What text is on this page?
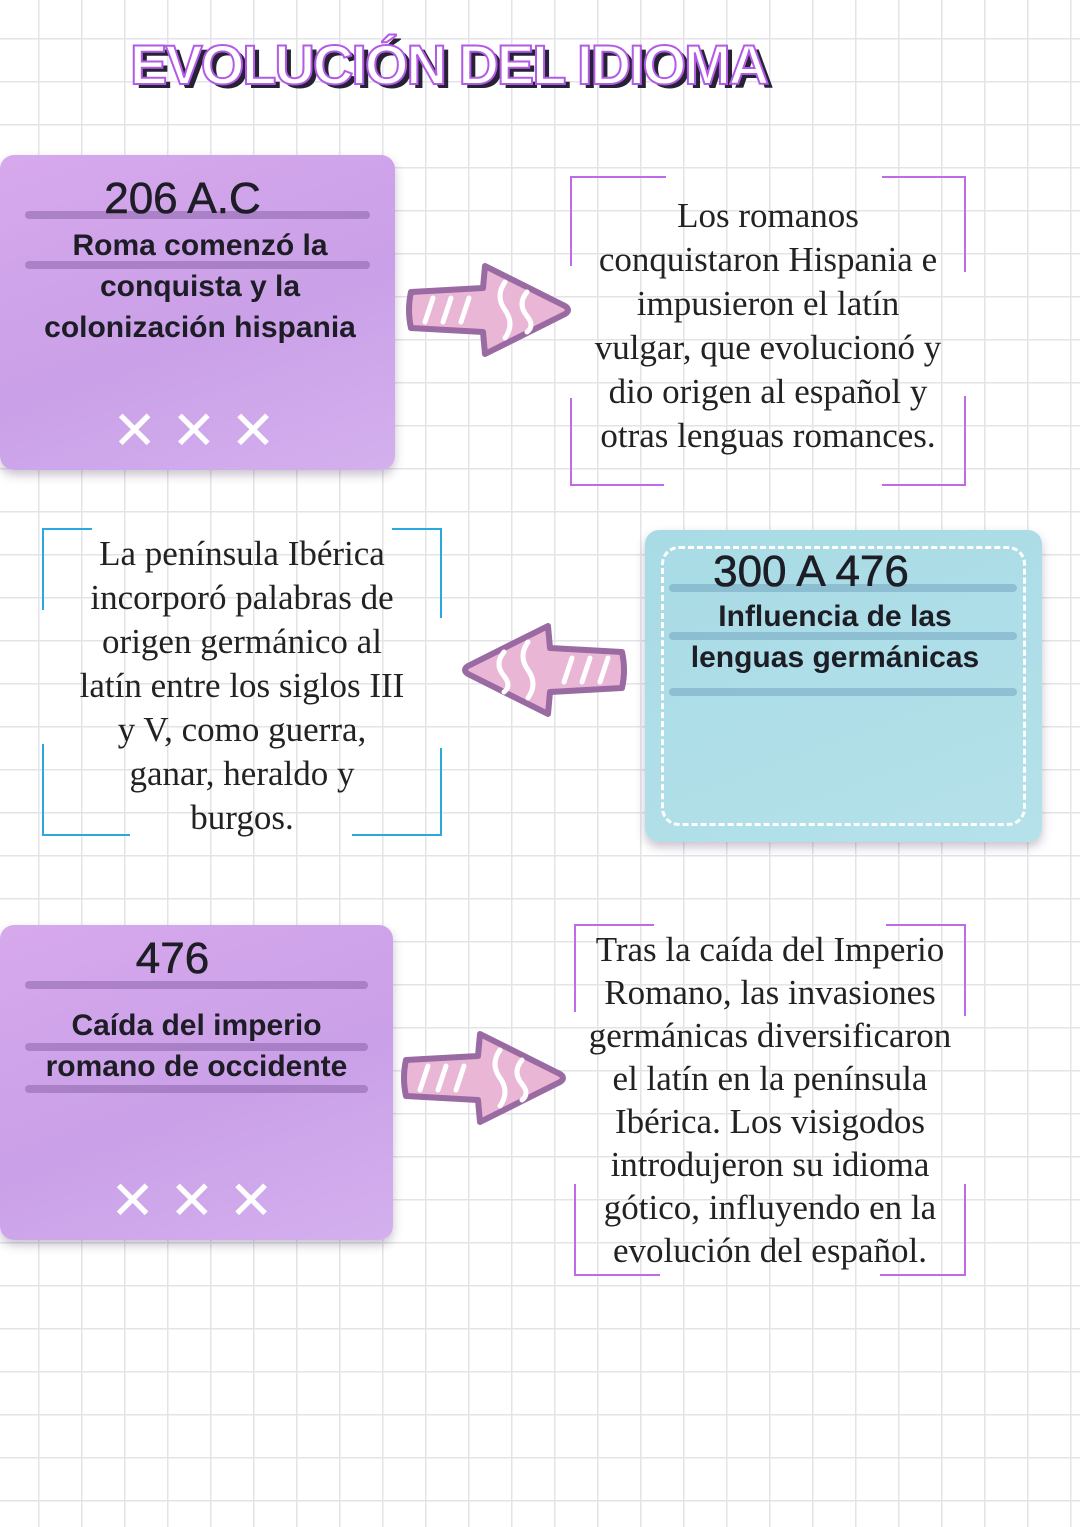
EVOLUCIÓN DEL IDIOMA
206 A.C
Roma comenzó la
conquista y la
colonización hispania
✕✕✕
Los romanos
conquistaron Hispania e
impusieron el latín
vulgar, que evolucionó y
dio origen al español y
otras lenguas romances.
La península Ibérica
incorporó palabras de
origen germánico al
latín entre los siglos III
y V, como guerra,
ganar, heraldo y
burgos.
300 A 476
Influencia de las
lenguas germánicas
476
Caída del imperio
romano de occidente
✕✕✕
Tras la caída del Imperio
Romano, las invasiones
germánicas diversificaron
el latín en la península
Ibérica. Los visigodos
introdujeron su idioma
gótico, influyendo en la
evolución del español.
